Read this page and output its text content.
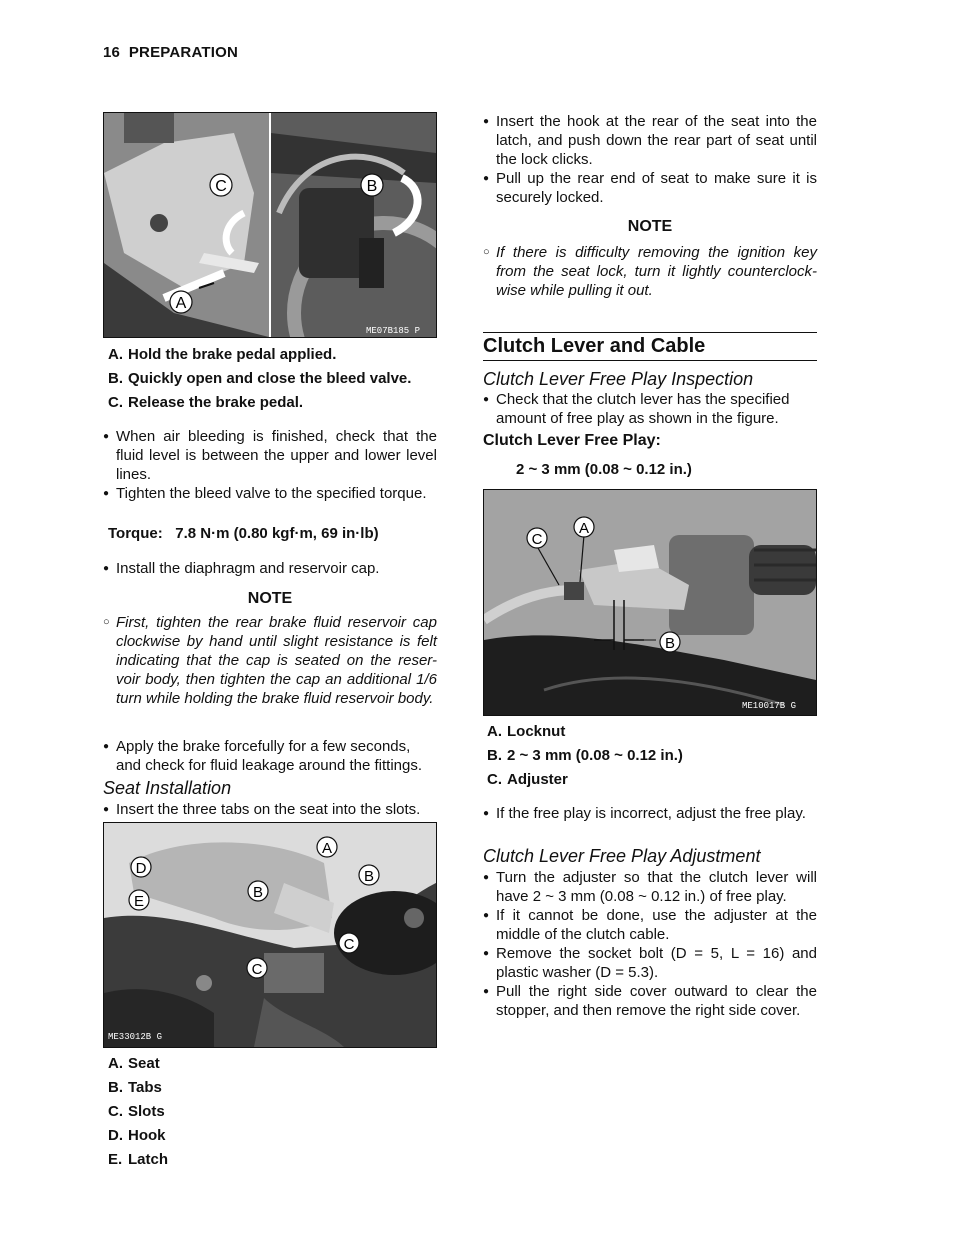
16 PREPARATION
C	B
A
ME07B185 P
A. Hold the brake pedal applied.
B. Quickly open and close the bleed valve.
C. Release the brake pedal.

● When air bleeding is finished, check that the fluid level is between the upper and lower level lines.

● Tighten the bleed valve to the specified torque.

Torque: 7.8 N·m (0.80 kgf·m, 69 in·lb)

● Install the diaphragm and reservoir cap.

NOTE

○ First, tighten the rear brake fluid reservoir cap clockwise by hand until slight resistance is felt indicating that the cap is seated on the reser-voir body, then tighten the cap an additional 1/6 turn while holding the brake fluid reservoir body.

● Apply the brake forcefully for a few seconds, and check for fluid leakage around the fittings.

Seat Installation

● Insert the three tabs on the seat into the slots.

A
B
B
C
C
D
E
ME33012B G
A. Seat
B. Tabs
C. Slots
D. Hook
E. Latch

● Insert the hook at the rear of the seat into the latch, and push down the rear part of seat until the lock clicks.

● Pull up the rear end of seat to make sure it is securely locked.

NOTE

○ If there is difficulty removing the ignition key from the seat lock, turn it lightly counterclock-wise while pulling it out.

Clutch Lever and Cable
Clutch Lever Free Play Inspection

● Check that the clutch lever has the specified amount of free play as shown in the figure.

Clutch Lever Free Play:
2 ~ 3 mm (0.08 ~ 0.12 in.)
C
A
B
ME10017B G
A. Locknut
B. 2 ~ 3 mm (0.08 ~ 0.12 in.)
C. Adjuster

● If the free play is incorrect, adjust the free play.

Clutch Lever Free Play Adjustment

● Turn the adjuster so that the clutch lever will have 2 ~ 3 mm (0.08 ~ 0.12 in.) of free play.

● If it cannot be done, use the adjuster at the middle of the clutch cable.

● Remove the socket bolt (D = 5, L = 16) and plastic washer (D = 5.3).

● Pull the right side cover outward to clear the stopper, and then remove the right side cover.
